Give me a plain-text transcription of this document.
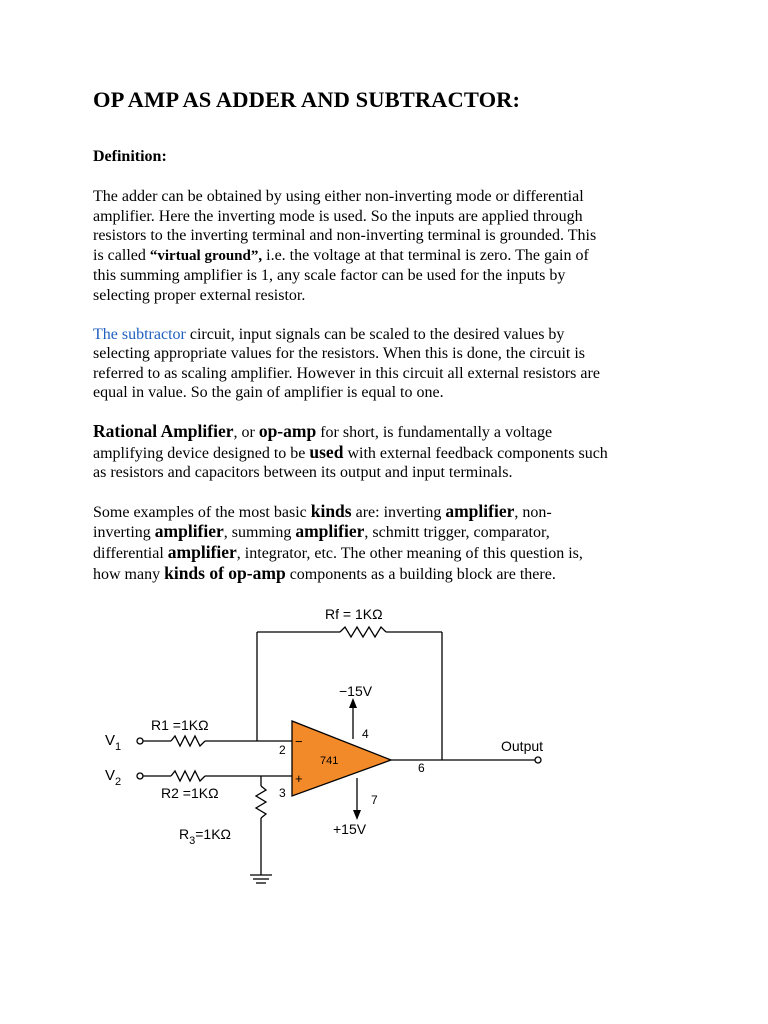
OP AMP AS ADDER AND SUBTRACTOR:
Definition:

The adder can be obtained by using either non-inverting mode or differential
amplifier. Here the inverting mode is used. So the inputs are applied through
resistors to the inverting terminal and non-inverting terminal is grounded. This
is called “virtual ground”, i.e. the voltage at that terminal is zero. The gain of
this summing amplifier is 1, any scale factor can be used for the inputs by
selecting proper external resistor.

The subtractor circuit, input signals can be scaled to the desired values by
selecting appropriate values for the resistors. When this is done, the circuit is
referred to as scaling amplifier. However in this circuit all external resistors are
equal in value. So the gain of amplifier is equal to one.

Rational Amplifier, or op-amp for short, is fundamentally a voltage
amplifying device designed to be used with external feedback components such
as resistors and capacitors between its output and input terminals.

Some examples of the most basic kinds are: inverting amplifier, non-
inverting amplifier, summing amplifier, schmitt trigger, comparator,
differential amplifier, integrator, etc. The other meaning of this question is,
how many kinds of op-amp components as a building block are there.

Rf = 1KΩ
−15V
+15V
R1 =1KΩ
R2 =1KΩ
$R_3=1K\Omega$
$V_1$
$V_2$
741
2
3
4
6
7
−
+
Output
